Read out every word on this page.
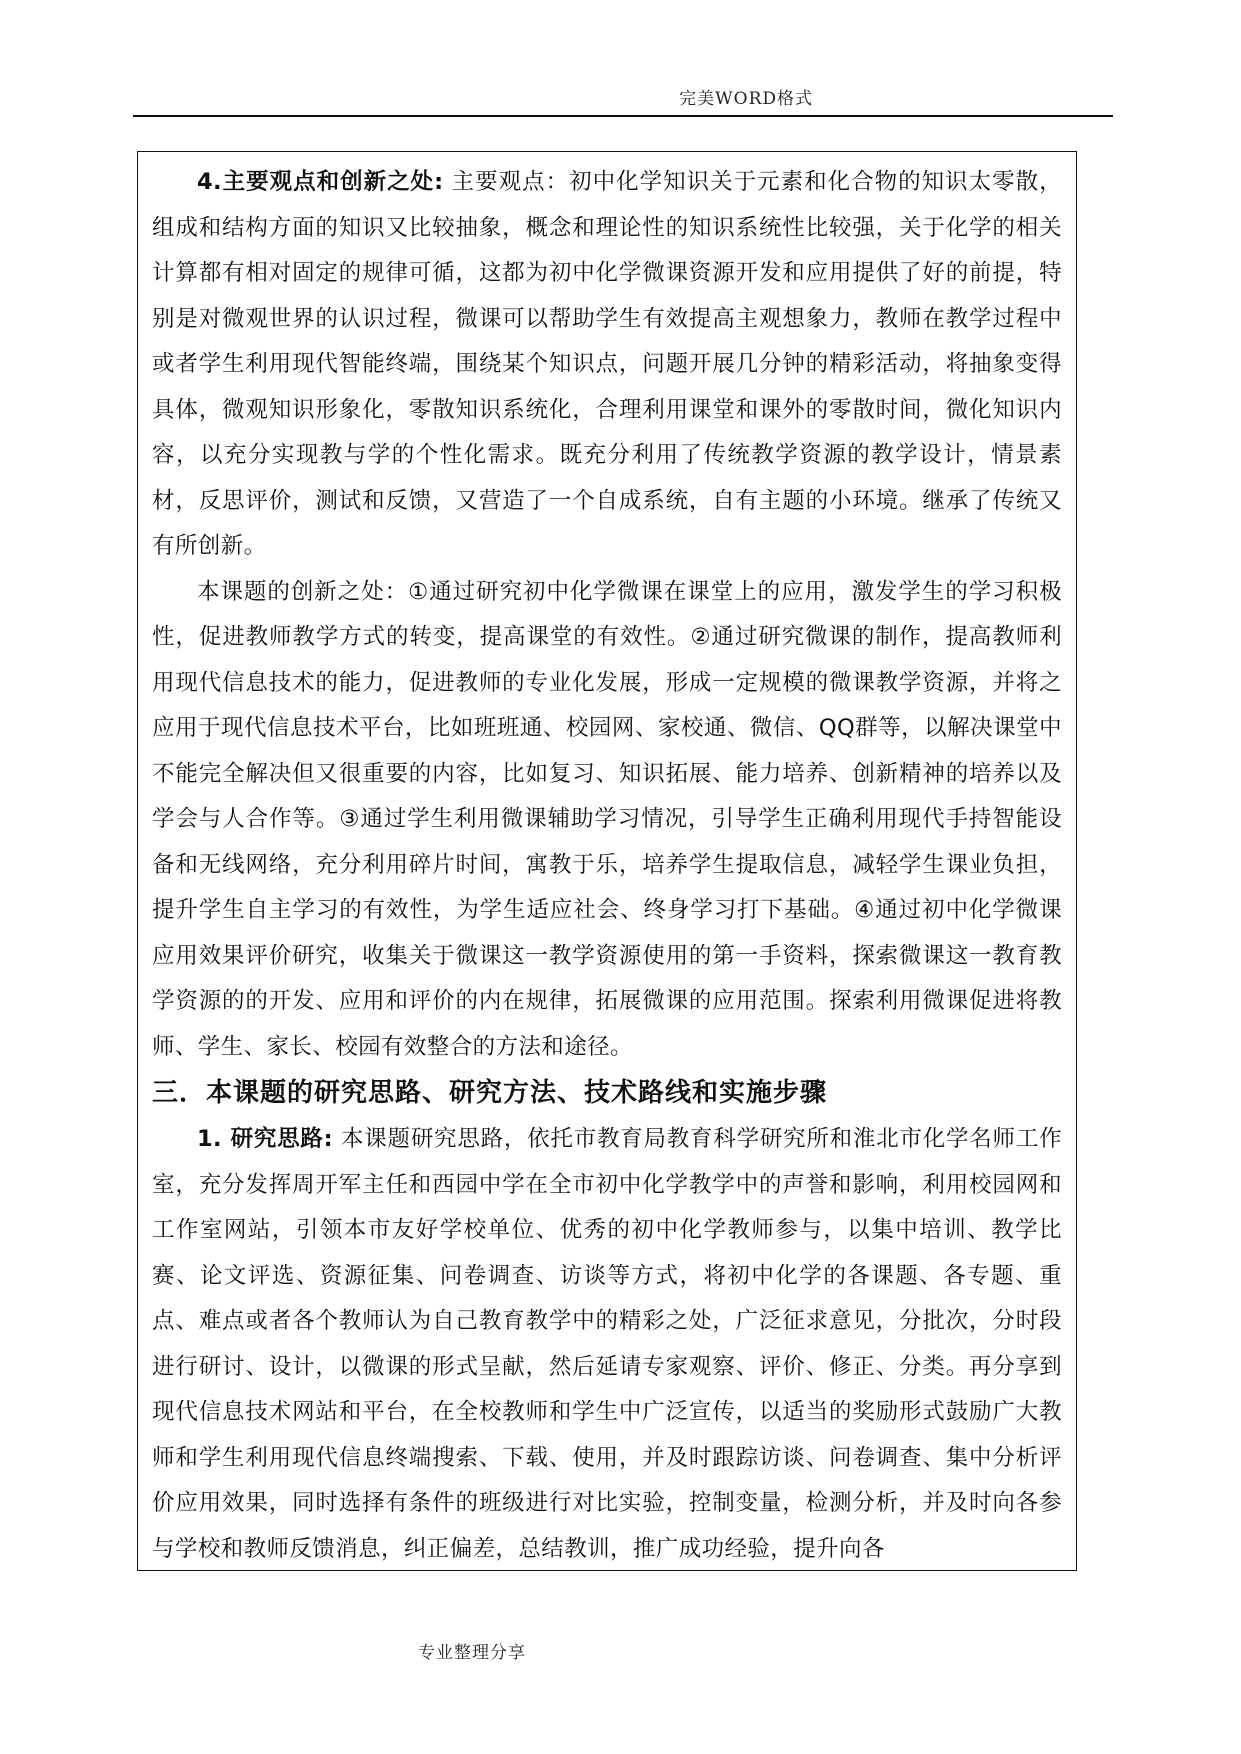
完美WORD格式

4.主要观点和创新之处: 主要观点：初中化学知识关于元素和化合物的知识太零散，组成和结构方面的知识又比较抽象，概念和理论性的知识系统性比较强，关于化学的相关计算都有相对固定的规律可循，这都为初中化学微课资源开发和应用提供了好的前提，特别是对微观世界的认识过程，微课可以帮助学生有效提高主观想象力，教师在教学过程中或者学生利用现代智能终端，围绕某个知识点，问题开展几分钟的精彩活动，将抽象变得具体，微观知识形象化，零散知识系统化，合理利用课堂和课外的零散时间，微化知识内容，以充分实现教与学的个性化需求。既充分利用了传统教学资源的教学设计，情景素材，反思评价，测试和反馈，又营造了一个自成系统，自有主题的小环境。继承了传统又有所创新。

本课题的创新之处：①通过研究初中化学微课在课堂上的应用，激发学生的学习积极性，促进教师教学方式的转变，提高课堂的有效性。②通过研究微课的制作，提高教师利用现代信息技术的能力，促进教师的专业化发展，形成一定规模的微课教学资源，并将之应用于现代信息技术平台，比如班班通、校园网、家校通、微信、QQ群等，以解决课堂中不能完全解决但又很重要的内容，比如复习、知识拓展、能力培养、创新精神的培养以及学会与人合作等。③通过学生利用微课辅助学习情况，引导学生正确利用现代手持智能设备和无线网络，充分利用碎片时间，寓教于乐，培养学生提取信息，减轻学生课业负担，提升学生自主学习的有效性，为学生适应社会、终身学习打下基础。④通过初中化学微课应用效果评价研究，收集关于微课这一教学资源使用的第一手资料，探索微课这一教育教学资源的的开发、应用和评价的内在规律，拓展微课的应用范围。探索利用微课促进将教师、学生、家长、校园有效整合的方法和途径。

三．本课题的研究思路、研究方法、技术路线和实施步骤

1. 研究思路: 本课题研究思路，依托市教育局教育科学研究所和淮北市化学名师工作室，充分发挥周开军主任和西园中学在全市初中化学教学中的声誉和影响，利用校园网和工作室网站，引领本市友好学校单位、优秀的初中化学教师参与，以集中培训、教学比赛、论文评选、资源征集、问卷调查、访谈等方式，将初中化学的各课题、各专题、重点、难点或者各个教师认为自己教育教学中的精彩之处，广泛征求意见，分批次，分时段进行研讨、设计，以微课的形式呈献，然后延请专家观察、评价、修正、分类。再分享到现代信息技术网站和平台，在全校教师和学生中广泛宣传，以适当的奖励形式鼓励广大教师和学生利用现代信息终端搜索、下载、使用，并及时跟踪访谈、问卷调查、集中分析评价应用效果，同时选择有条件的班级进行对比实验，控制变量，检测分析，并及时向各参与学校和教师反馈消息，纠正偏差，总结教训，推广成功经验，提升向各

专业整理分享
